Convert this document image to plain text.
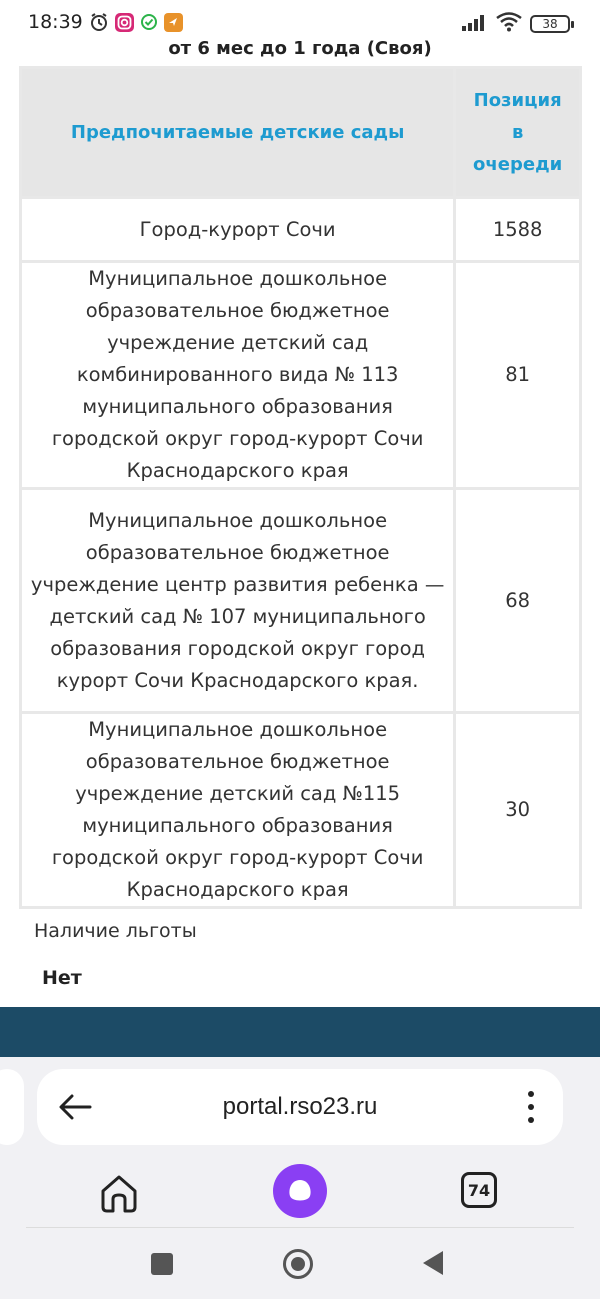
18:39	38
от 6 мес до 1 года (Своя)
Предпочитаемые детские сады	Позиция в очереди

Город-курорт Сочи	1588
Муниципальное дошкольное образовательное бюджетное учреждение детский сад комбинированного вида № 113 муниципального образования городской округ город-курорт Сочи Краснодарского края	81
Муниципальное дошкольное образовательное бюджетное учреждение центр развития ребенка — детский сад № 107 муниципального образования городской округ город курорт Сочи Краснодарского края.	68
Муниципальное дошкольное образовательное бюджетное учреждение детский сад №115 муниципального образования городской округ город-курорт Сочи Краснодарского края	30
Наличие льготы
Нет
portal.rso23.ru
74
